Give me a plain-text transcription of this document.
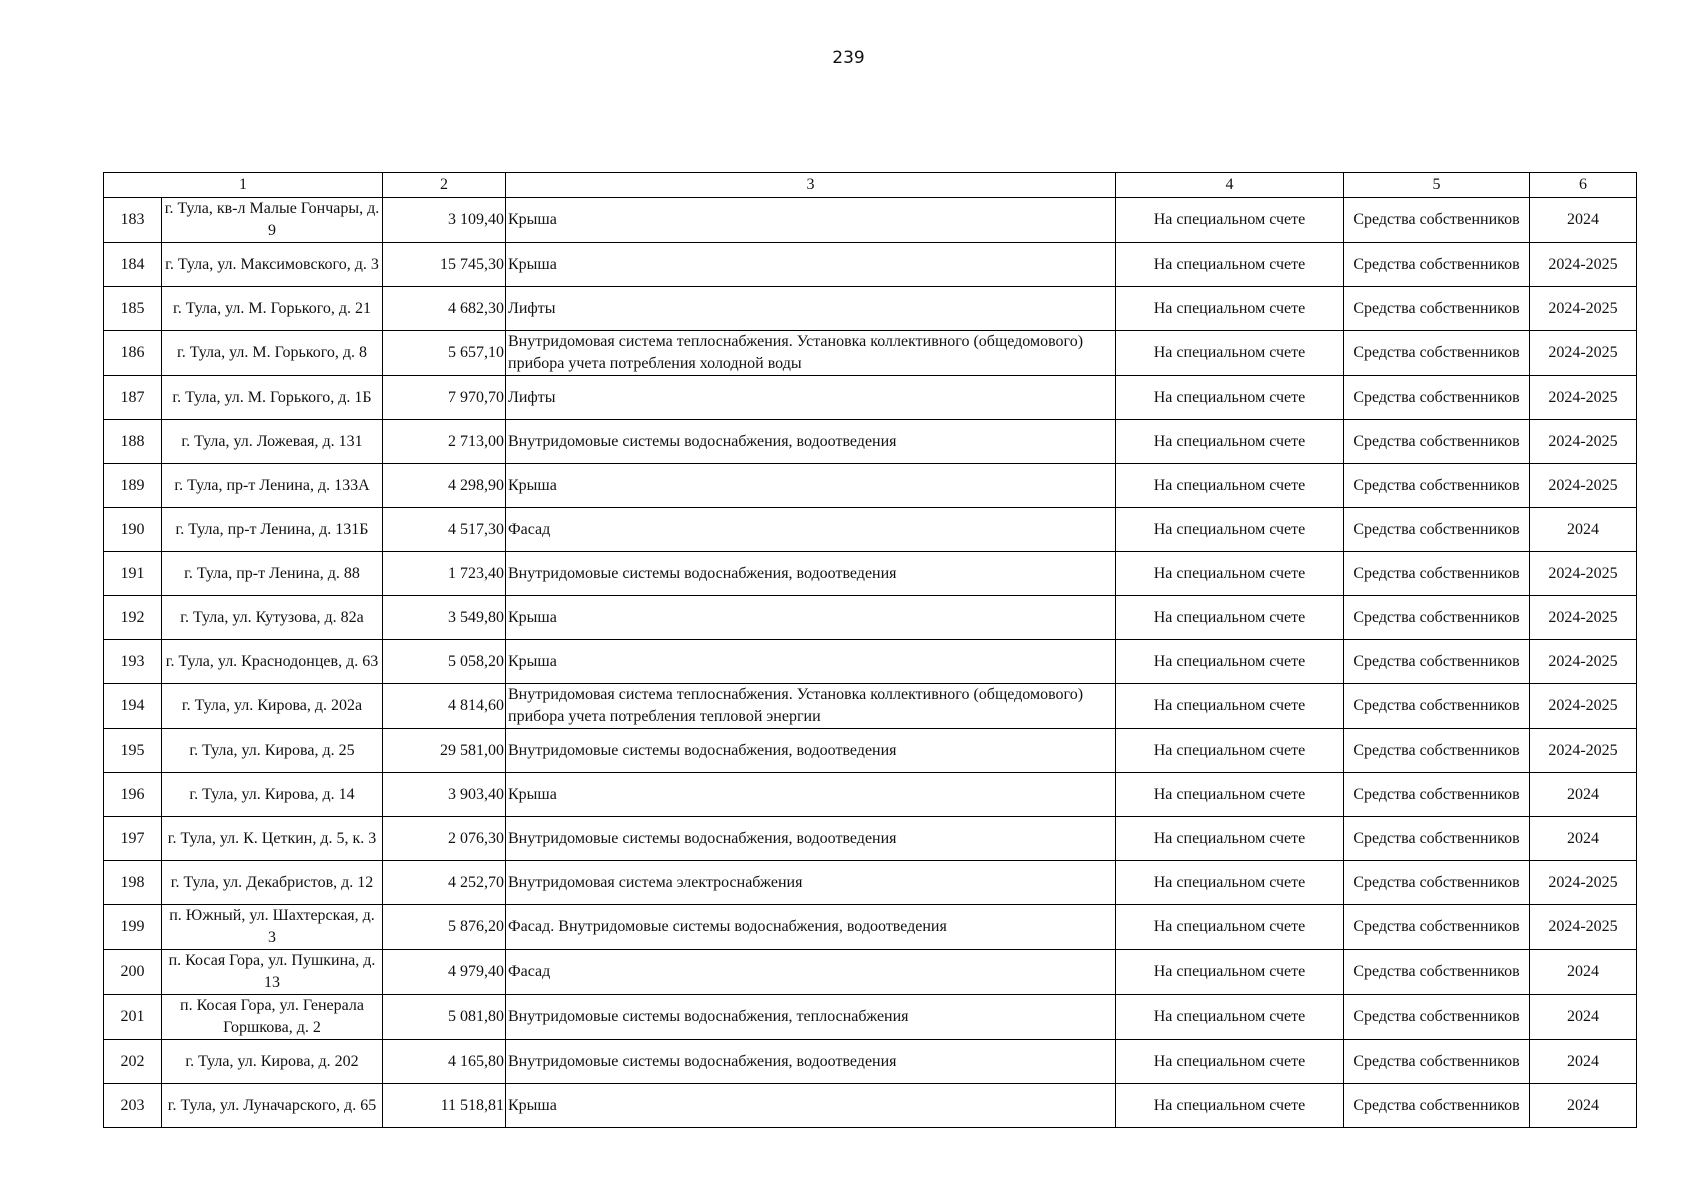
239
1		2	3	4	5	6
183	г. Тула, кв-л Малые Гончары, д. 9	3 109,40	Крыша	На специальном счете	Средства собственников	2024
184	г. Тула, ул. Максимовского, д. 3	15 745,30	Крыша	На специальном счете	Средства собственников	2024-2025
185	г. Тула, ул. М. Горького, д. 21	4 682,30	Лифты	На специальном счете	Средства собственников	2024-2025
186	г. Тула, ул. М. Горького, д. 8	5 657,10	Внутридомовая система теплоснабжения. Установка коллективного (общедомового) прибора учета потребления холодной воды	На специальном счете	Средства собственников	2024-2025
187	г. Тула, ул. М. Горького, д. 1Б	7 970,70	Лифты	На специальном счете	Средства собственников	2024-2025
188	г. Тула, ул. Ложевая, д. 131	2 713,00	Внутридомовые системы водоснабжения, водоотведения	На специальном счете	Средства собственников	2024-2025
189	г. Тула, пр-т Ленина, д. 133А	4 298,90	Крыша	На специальном счете	Средства собственников	2024-2025
190	г. Тула, пр-т Ленина, д. 131Б	4 517,30	Фасад	На специальном счете	Средства собственников	2024
191	г. Тула, пр-т Ленина, д. 88	1 723,40	Внутридомовые системы водоснабжения, водоотведения	На специальном счете	Средства собственников	2024-2025
192	г. Тула, ул. Кутузова, д. 82а	3 549,80	Крыша	На специальном счете	Средства собственников	2024-2025
193	г. Тула, ул. Краснодонцев, д. 63	5 058,20	Крыша	На специальном счете	Средства собственников	2024-2025
194	г. Тула, ул. Кирова, д. 202а	4 814,60	Внутридомовая система теплоснабжения. Установка коллективного (общедомового) прибора учета потребления тепловой энергии	На специальном счете	Средства собственников	2024-2025
195	г. Тула, ул. Кирова, д. 25	29 581,00	Внутридомовые системы водоснабжения, водоотведения	На специальном счете	Средства собственников	2024-2025
196	г. Тула, ул. Кирова, д. 14	3 903,40	Крыша	На специальном счете	Средства собственников	2024
197	г. Тула, ул. К. Цеткин, д. 5, к. 3	2 076,30	Внутридомовые системы водоснабжения, водоотведения	На специальном счете	Средства собственников	2024
198	г. Тула, ул. Декабристов, д. 12	4 252,70	Внутридомовая система электроснабжения	На специальном счете	Средства собственников	2024-2025
199	п. Южный, ул. Шахтерская, д. 3	5 876,20	Фасад. Внутридомовые системы водоснабжения, водоотведения	На специальном счете	Средства собственников	2024-2025
200	п. Косая Гора, ул. Пушкина, д. 13	4 979,40	Фасад	На специальном счете	Средства собственников	2024
201	п. Косая Гора, ул. Генерала Горшкова, д. 2	5 081,80	Внутридомовые системы водоснабжения, теплоснабжения	На специальном счете	Средства собственников	2024
202	г. Тула, ул. Кирова, д. 202	4 165,80	Внутридомовые системы водоснабжения, водоотведения	На специальном счете	Средства собственников	2024
203	г. Тула, ул. Луначарского, д. 65	11 518,81	Крыша	На специальном счете	Средства собственников	2024
